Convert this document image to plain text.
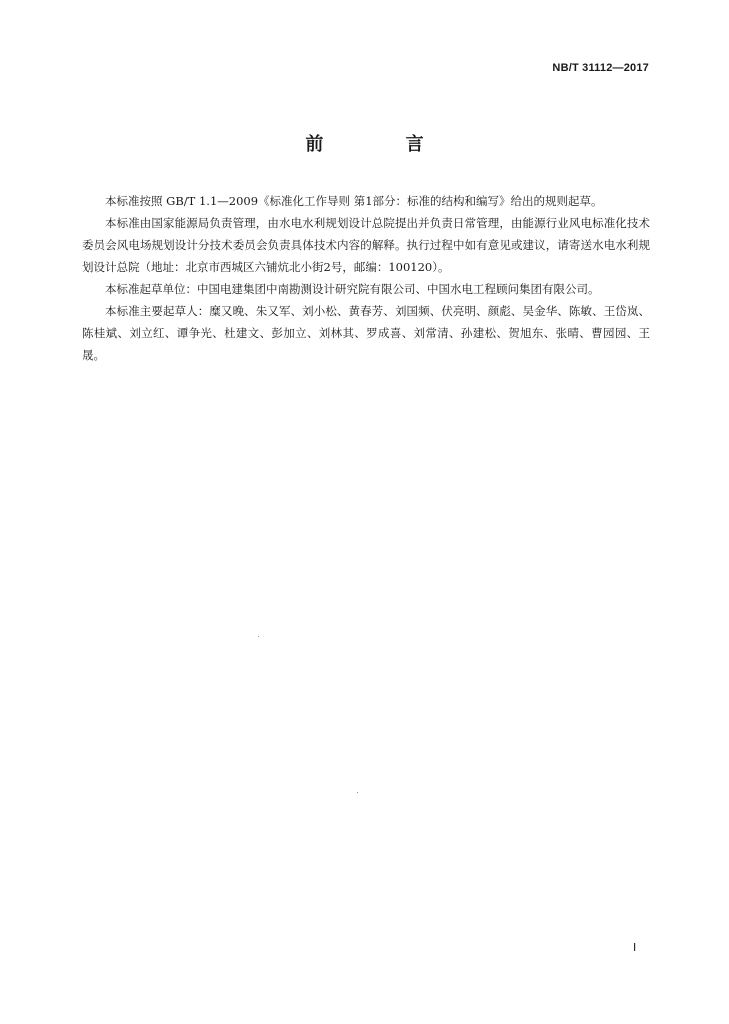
NB/T 31112—2017
前 言

本标准按照 GB/T 1.1—2009《标准化工作导则 第1部分：标准的结构和编写》给出的规则起草。

本标准由国家能源局负责管理，由水电水利规划设计总院提出并负责日常管理，由能源行业风电标准化技术委员会风电场规划设计分技术委员会负责具体技术内容的解释。执行过程中如有意见或建议，请寄送水电水利规划设计总院（地址：北京市西城区六铺炕北小街2号，邮编：100120）。

本标准起草单位：中国电建集团中南勘测设计研究院有限公司、中国水电工程顾问集团有限公司。

本标准主要起草人：糜又晚、朱又军、刘小松、黄春芳、刘国频、伏亮明、颜彪、吴金华、陈敏、王岱岚、陈桂斌、刘立红、谭争光、杜建文、彭加立、刘林其、罗成喜、刘常清、孙建松、贺旭东、张晴、曹园园、王晟。

Ⅰ
